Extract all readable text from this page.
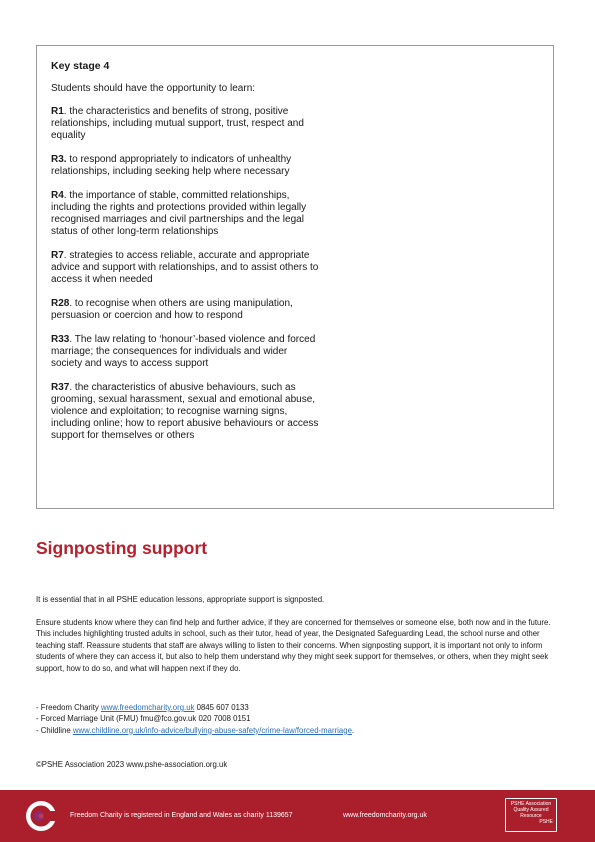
Key stage 4

Students should have the opportunity to learn:

R1. the characteristics and benefits of strong, positive relationships, including mutual support, trust, respect and equality

R3. to respond appropriately to indicators of unhealthy relationships, including seeking help where necessary

R4. the importance of stable, committed relationships, including the rights and protections provided within legally recognised marriages and civil partnerships and the legal status of other long-term relationships

R7. strategies to access reliable, accurate and appropriate advice and support with relationships, and to assist others to access it when needed

R28. to recognise when others are using manipulation, persuasion or coercion and how to respond

R33. The law relating to ‘honour’-based violence and forced marriage; the consequences for individuals and wider society and ways to access support

R37. the characteristics of abusive behaviours, such as grooming, sexual harassment, sexual and emotional abuse, violence and exploitation; to recognise warning signs, including online; how to report abusive behaviours or access support for themselves or others

Signposting support

It is essential that in all PSHE education lessons, appropriate support is signposted.

Ensure students know where they can find help and further advice, if they are concerned for themselves or someone else, both now and in the future. This includes highlighting trusted adults in school, such as their tutor, head of year, the Designated Safeguarding Lead, the school nurse and other teaching staff. Reassure students that staff are always willing to listen to their concerns. When signposting support, it is important not only to inform students of where they can access it, but also to help them understand why they might seek support for themselves, or others, when they might seek support, how to do so, and what will happen next if they do.

- Freedom Charity www.freedomcharity.org.uk 0845 607 0133
- Forced Marriage Unit (FMU) fmu@fco.gov.uk 020 7008 0151
- Childline www.childline.org.uk/info-advice/bullying-abuse-safety/crime-law/forced-marriage.

©PSHE Association 2023 www.pshe-association.org.uk

Freedom Charity is registered in England and Wales as charity 1139657	www.freedomcharity.org.uk
PSHE Association
Quality Assured
Resource
PSHE
